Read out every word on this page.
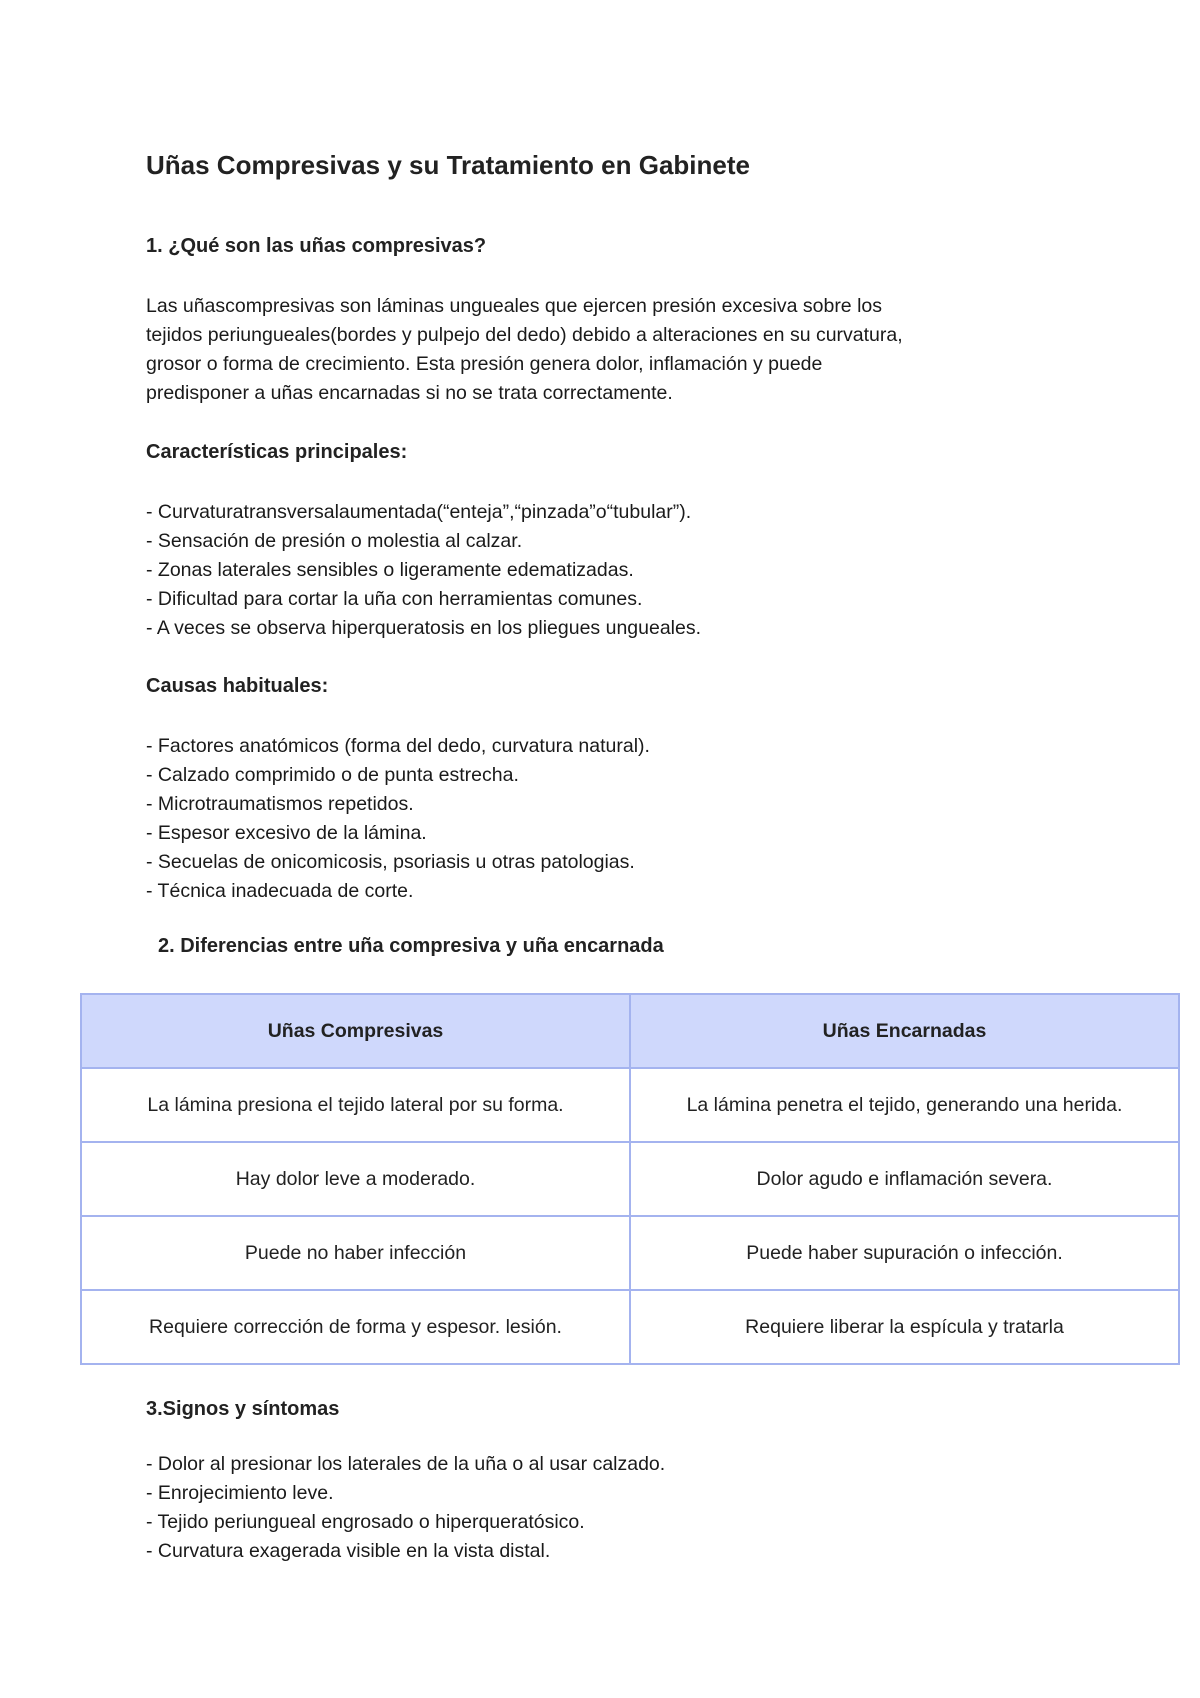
Uñas Compresivas y su Tratamiento en Gabinete
1. ¿Qué son las uñas compresivas?
Las uñascompresivas son láminas ungueales que ejercen presión excesiva sobre los
tejidos periungueales(bordes y pulpejo del dedo) debido a alteraciones en su curvatura,
grosor o forma de crecimiento. Esta presión genera dolor, inflamación y puede
predisponer a uñas encarnadas si no se trata correctamente.
Características principales:
- Curvaturatransversalaumentada(“enteja”,“pinzada”o“tubular”).
- Sensación de presión o molestia al calzar.
- Zonas laterales sensibles o ligeramente edematizadas.
- Dificultad para cortar la uña con herramientas comunes.
- A veces se observa hiperqueratosis en los pliegues ungueales.
Causas habituales:
- Factores anatómicos (forma del dedo, curvatura natural).
- Calzado comprimido o de punta estrecha.
- Microtraumatismos repetidos.
- Espesor excesivo de la lámina.
- Secuelas de onicomicosis, psoriasis u otras patologias.
- Técnica inadecuada de corte.
2. Diferencias entre uña compresiva y uña encarnada
Uñas Compresivas	Uñas Encarnadas
La lámina presiona el tejido lateral por su forma.	La lámina penetra el tejido, generando una herida.
Hay dolor leve a moderado.	Dolor agudo e inflamación severa.
Puede no haber infección	Puede haber supuración o infección.
Requiere corrección de forma y espesor. lesión.	Requiere liberar la espícula y tratarla
3.Signos y síntomas
- Dolor al presionar los laterales de la uña o al usar calzado.
- Enrojecimiento leve.
- Tejido periungueal engrosado o hiperqueratósico.
- Curvatura exagerada visible en la vista distal.
